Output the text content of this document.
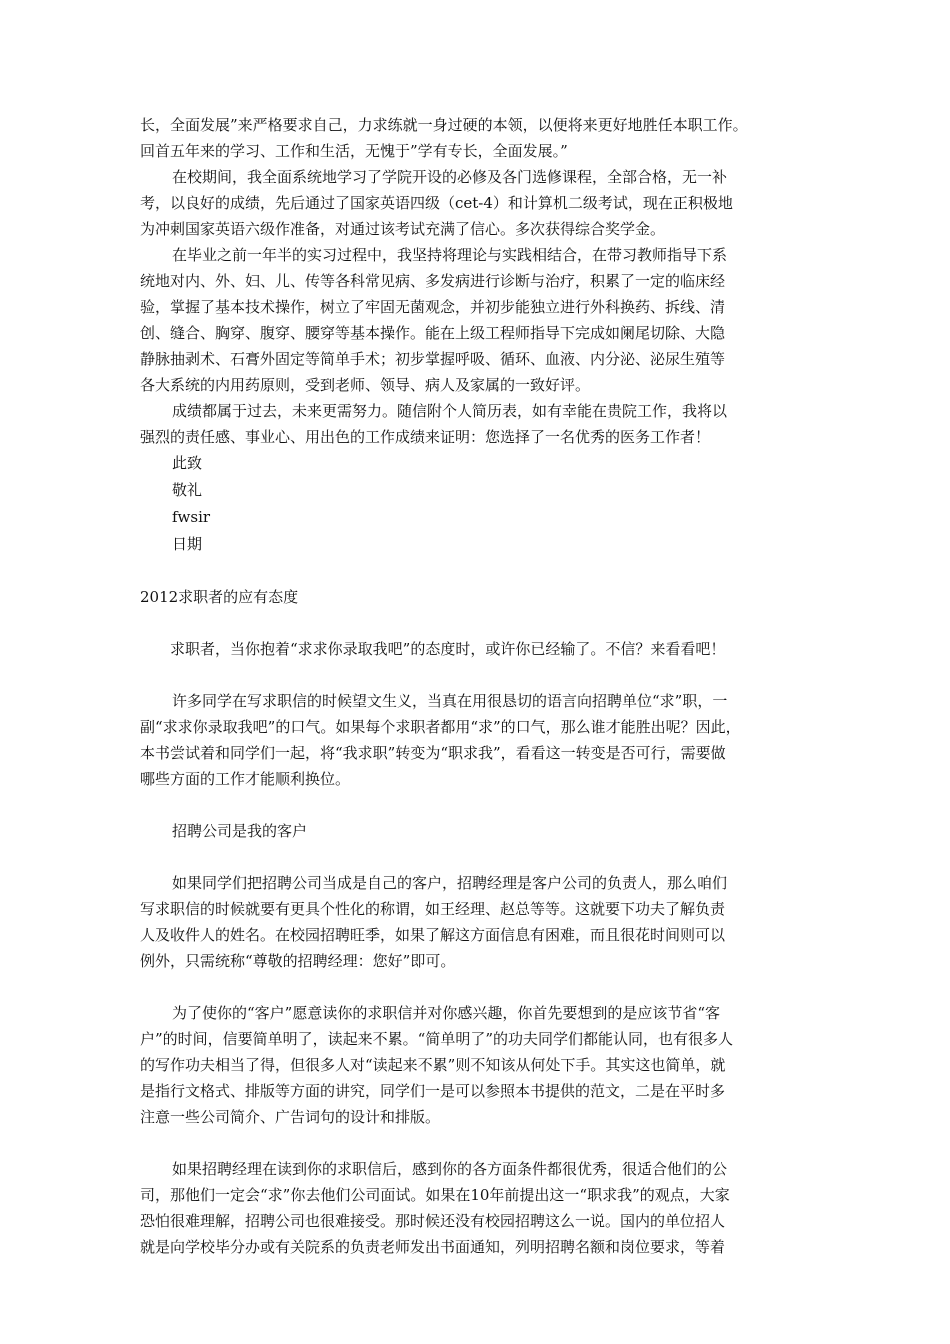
长，全面发展”来严格要求自己，力求练就一身过硬的本领，以便将来更好地胜任本职工作。
回首五年来的学习、工作和生活，无愧于”学有专长，全面发展。”

在校期间，我全面系统地学习了学院开设的必修及各门选修课程，全部合格，无一补
考，以良好的成绩，先后通过了国家英语四级（cet-4）和计算机二级考试，现在正积极地
为冲刺国家英语六级作准备，对通过该考试充满了信心。多次获得综合奖学金。

在毕业之前一年半的实习过程中，我坚持将理论与实践相结合，在带习教师指导下系
统地对内、外、妇、儿、传等各科常见病、多发病进行诊断与治疗，积累了一定的临床经
验，掌握了基本技术操作，树立了牢固无菌观念，并初步能独立进行外科换药、拆线、清
创、缝合、胸穿、腹穿、腰穿等基本操作。能在上级工程师指导下完成如阑尾切除、大隐
静脉抽剥术、石膏外固定等简单手术；初步掌握呼吸、循环、血液、内分泌、泌尿生殖等
各大系统的内用药原则，受到老师、领导、病人及家属的一致好评。

成绩都属于过去，未来更需努力。随信附个人简历表，如有幸能在贵院工作，我将以
强烈的责任感、事业心、用出色的工作成绩来证明：您选择了一名优秀的医务工作者！

此致

敬礼

fwsir

日期

2012求职者的应有态度

求职者，当你抱着“求求你录取我吧”的态度时，或许你已经输了。不信？来看看吧！

许多同学在写求职信的时候望文生义，当真在用很恳切的语言向招聘单位“求”职，一
副“求求你录取我吧”的口气。如果每个求职者都用“求”的口气，那么谁才能胜出呢？因此，
本书尝试着和同学们一起，将“我求职”转变为“职求我”，看看这一转变是否可行，需要做
哪些方面的工作才能顺利换位。

招聘公司是我的客户

如果同学们把招聘公司当成是自己的客户，招聘经理是客户公司的负责人，那么咱们
写求职信的时候就要有更具个性化的称谓，如王经理、赵总等等。这就要下功夫了解负责
人及收件人的姓名。在校园招聘旺季，如果了解这方面信息有困难，而且很花时间则可以
例外，只需统称“尊敬的招聘经理：您好”即可。

为了使你的“客户”愿意读你的求职信并对你感兴趣，你首先要想到的是应该节省“客
户”的时间，信要简单明了，读起来不累。“简单明了”的功夫同学们都能认同，也有很多人
的写作功夫相当了得，但很多人对“读起来不累”则不知该从何处下手。其实这也简单，就
是指行文格式、排版等方面的讲究，同学们一是可以参照本书提供的范文，二是在平时多
注意一些公司简介、广告词句的设计和排版。

如果招聘经理在读到你的求职信后，感到你的各方面条件都很优秀，很适合他们的公
司，那他们一定会“求”你去他们公司面试。如果在10年前提出这一“职求我”的观点，大家
恐怕很难理解，招聘公司也很难接受。那时候还没有校园招聘这么一说。国内的单位招人
就是向学校毕分办或有关院系的负责老师发出书面通知，列明招聘名额和岗位要求，等着
